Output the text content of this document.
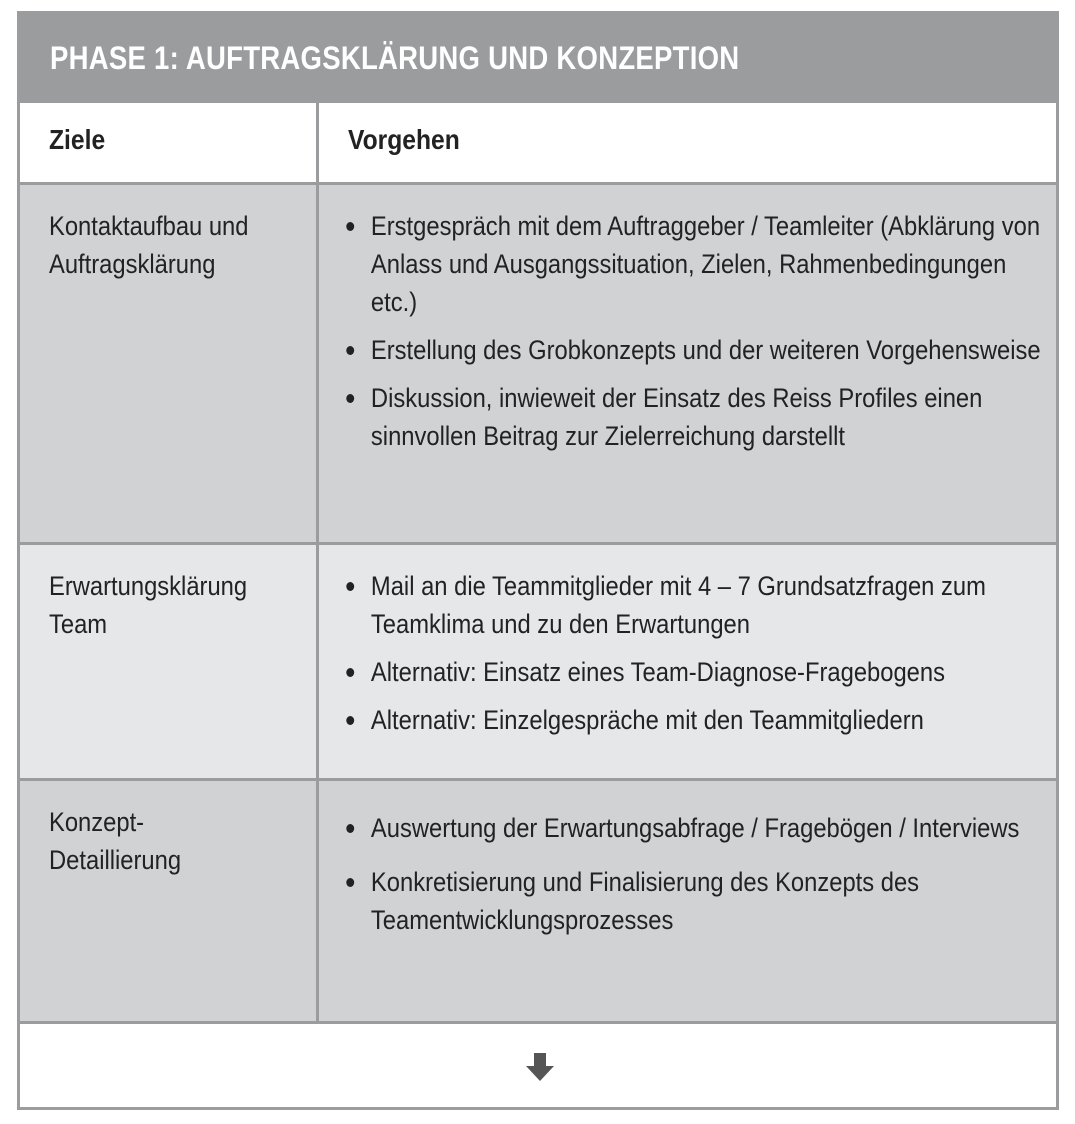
PHASE 1: AUFTRAGSKLÄRUNG UND KONZEPTION
Ziele	Vorgehen
Kontaktaufbau und
Auftragsklärung
Erstgespräch mit dem Auftraggeber / Teamleiter (Abklärung von Anlass und Ausgangssituation, Zielen, Rahmenbedingungen etc.)
Erstellung des Grobkonzepts und der weiteren Vorgehensweise
Diskussion, inwieweit der Einsatz des Reiss Profiles einen sinnvollen Beitrag zur Zielerreichung darstellt
Erwartungsklärung
Team
Mail an die Teammitglieder mit 4 – 7 Grundsatzfragen zum Teamklima und zu den Erwartungen
Alternativ: Einsatz eines Team-Diagnose-Fragebogens
Alternativ: Einzelgespräche mit den Teammitgliedern
Konzept-
Detaillierung
Auswertung der Erwartungsabfrage / Fragebögen / Interviews
Konkretisierung und Finalisierung des Konzepts des Teamentwicklungsprozesses
